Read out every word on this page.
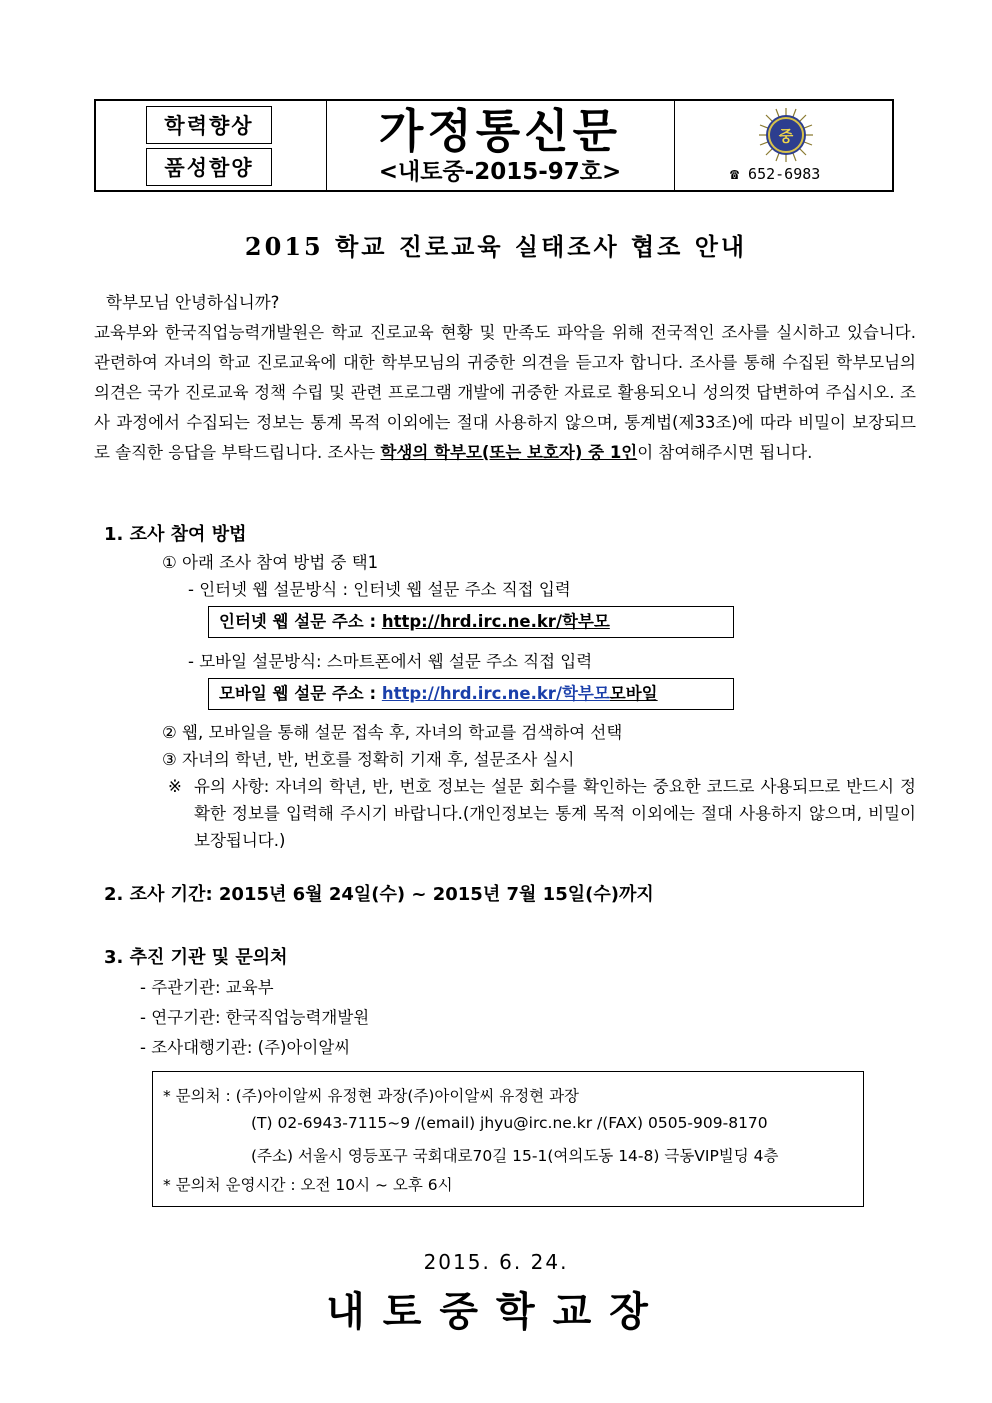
학력향상
품성함양
가정통신문
<내토중-2015-97호>
중
☎ 652-6983
2015 학교 진로교육 실태조사 협조 안내

학부모님 안녕하십니까?

교육부와 한국직업능력개발원은 학교 진로교육 현황 및 만족도 파악을 위해 전국적인 조사를 실시하고 있습니다. 관련하여 자녀의 학교 진로교육에 대한 학부모님의 귀중한 의견을 듣고자 합니다. 조사를 통해 수집된 학부모님의 의견은 국가 진로교육 정책 수립 및 관련 프로그램 개발에 귀중한 자료로 활용되오니 성의껏 답변하여 주십시오. 조사 과정에서 수집되는 정보는 통계 목적 이외에는 절대 사용하지 않으며, 통계법(제33조)에 따라 비밀이 보장되므로 솔직한 응답을 부탁드립니다. 조사는 학생의 학부모(또는 보호자) 중 1인이 참여해주시면 됩니다.

1. 조사 참여 방법
① 아래 조사 참여 방법 중 택1
- 인터넷 웹 설문방식 : 인터넷 웹 설문 주소 직접 입력
인터넷 웹 설문 주소 : http://hrd.irc.ne.kr/학부모
- 모바일 설문방식: 스마트폰에서 웹 설문 주소 직접 입력
모바일 웹 설문 주소 : http://hrd.irc.ne.kr/학부모모바일
② 웹, 모바일을 통해 설문 접속 후, 자녀의 학교를 검색하여 선택
③ 자녀의 학년, 반, 번호를 정확히 기재 후, 설문조사 실시
※ 유의 사항: 자녀의 학년, 반, 번호 정보는 설문 회수를 확인하는 중요한 코드로 사용되므로 반드시 정확한 정보를 입력해 주시기 바랍니다.(개인정보는 통계 목적 이외에는 절대 사용하지 않으며, 비밀이 보장됩니다.)
2. 조사 기간: 2015년 6월 24일(수) ~ 2015년 7월 15일(수)까지
3. 추진 기관 및 문의처
- 주관기관: 교육부
- 연구기관: 한국직업능력개발원
- 조사대행기관: (주)아이알씨
* 문의처 : (주)아이알씨 유정현 과장(주)아이알씨 유정현 과장
(T) 02-6943-7115~9 /(email) jhyu@irc.ne.kr /(FAX) 0505-909-8170
(주소) 서울시 영등포구 국회대로70길 15-1(여의도동 14-8) 극동VIP빌딩 4층
* 문의처 운영시간 : 오전 10시 ~ 오후 6시
2015. 6. 24.
내토중학교장
